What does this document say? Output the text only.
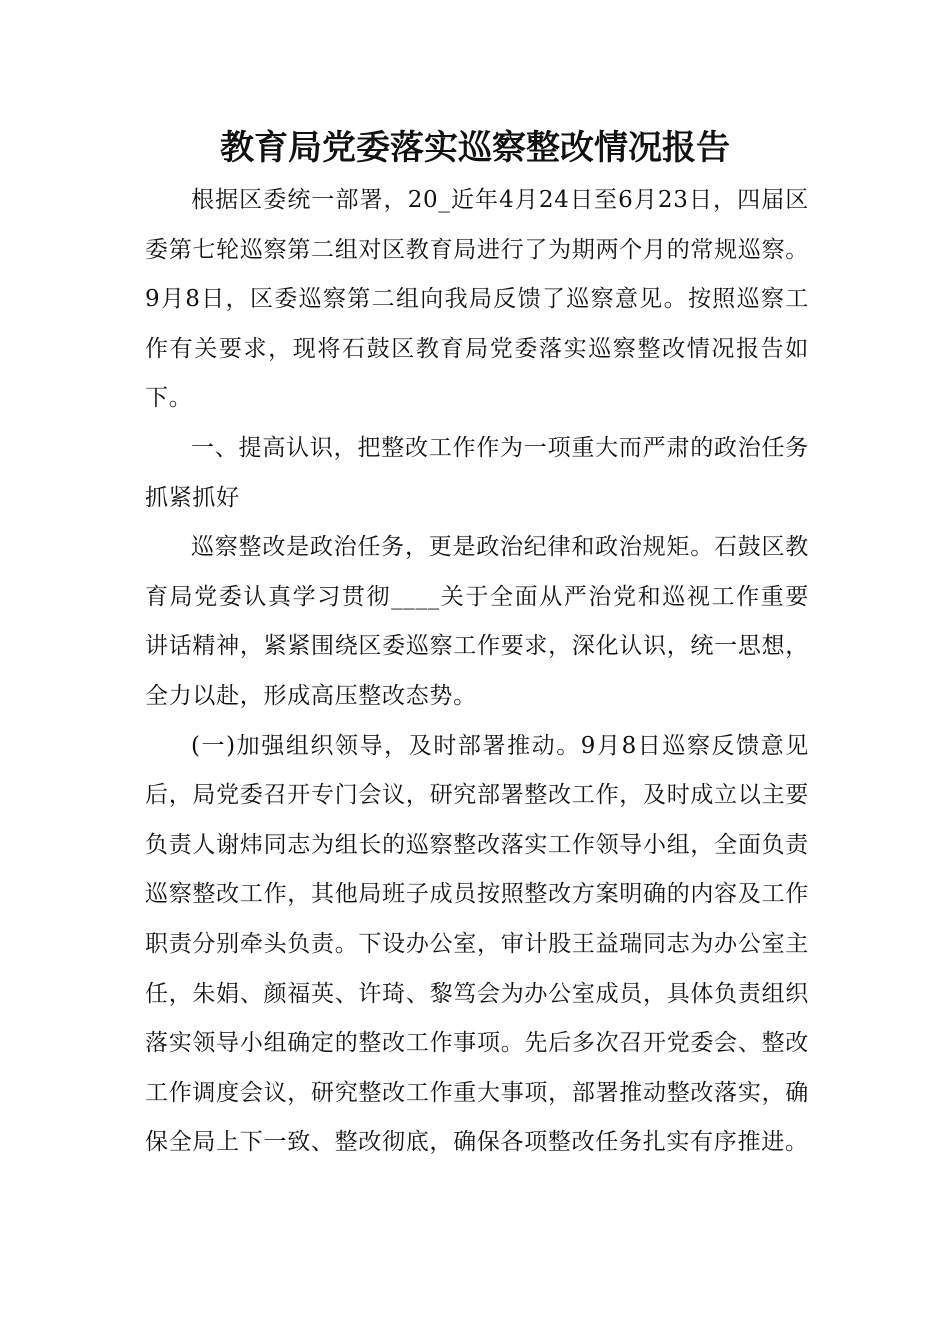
教育局党委落实巡察整改情况报告

根据区委统一部署，20_近年4月24日至6月23日，四届区委第七轮巡察第二组对区教育局进行了为期两个月的常规巡察。9月8日，区委巡察第二组向我局反馈了巡察意见。按照巡察工作有关要求，现将石鼓区教育局党委落实巡察整改情况报告如下。

一、提高认识，把整改工作作为一项重大而严肃的政治任务抓紧抓好

巡察整改是政治任务，更是政治纪律和政治规矩。石鼓区教育局党委认真学习贯彻____关于全面从严治党和巡视工作重要讲话精神，紧紧围绕区委巡察工作要求，深化认识，统一思想，全力以赴，形成高压整改态势。

(一)加强组织领导，及时部署推动。9月8日巡察反馈意见后，局党委召开专门会议，研究部署整改工作，及时成立以主要负责人谢炜同志为组长的巡察整改落实工作领导小组，全面负责巡察整改工作，其他局班子成员按照整改方案明确的内容及工作职责分别牵头负责。下设办公室，审计股王益瑞同志为办公室主任，朱娟、颜福英、许琦、黎笃会为办公室成员，具体负责组织落实领导小组确定的整改工作事项。先后多次召开党委会、整改工作调度会议，研究整改工作重大事项，部署推动整改落实，确保全局上下一致、整改彻底，确保各项整改任务扎实有序推进。
